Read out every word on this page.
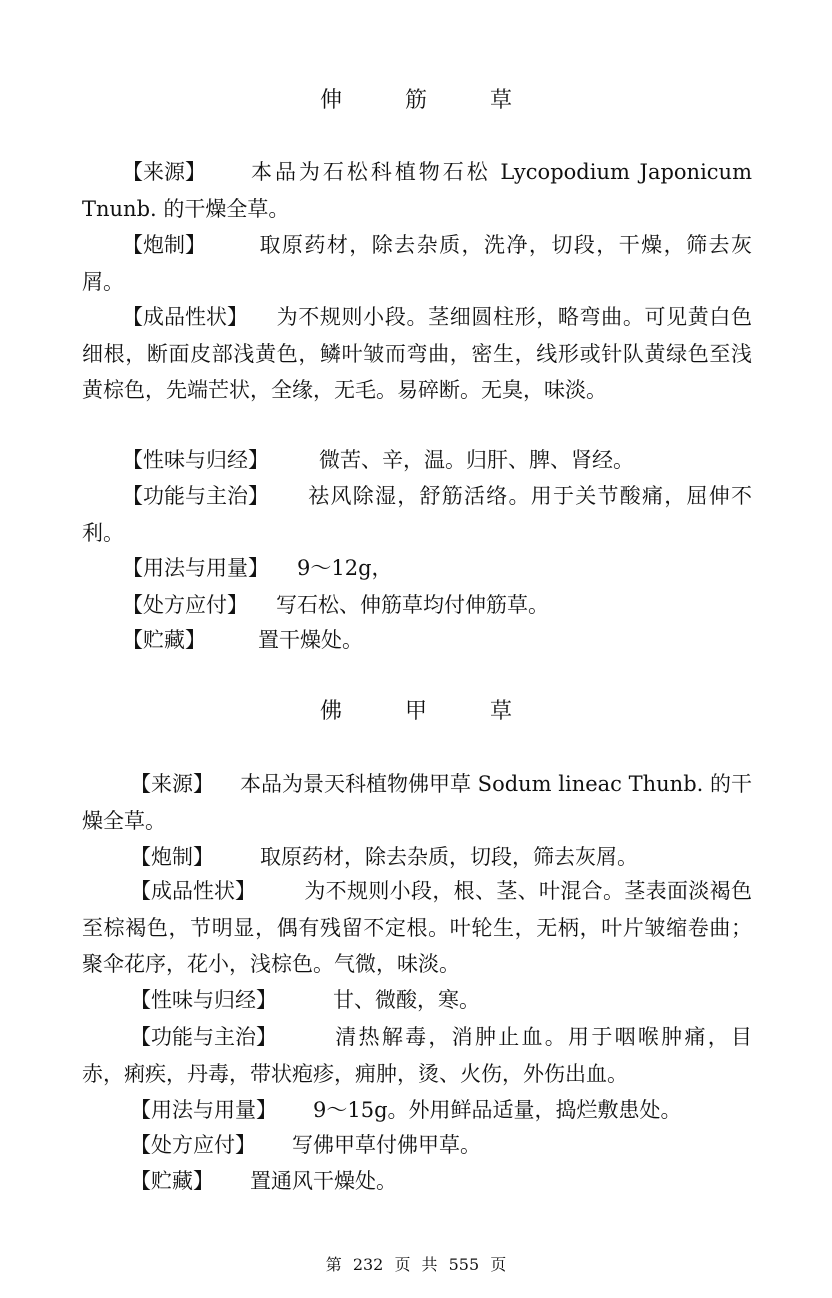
伸 筋 草
【来源】 本品为石松科植物石松 Lycopodium Japonicum Tnunb. 的干燥全草。
【炮制】 取原药材，除去杂质，洗净，切段，干燥，筛去灰屑。
【成品性状】 为不规则小段。茎细圆柱形，略弯曲。可见黄白色细根，断面皮部浅黄色，鳞叶皱而弯曲，密生，线形或针队黄绿色至浅黄棕色，先端芒状，全缘，无毛。易碎断。无臭，味淡。
【性味与归经】 微苦、辛，温。归肝、脾、肾经。
【功能与主治】 祛风除湿，舒筋活络。用于关节酸痛，屈伸不利。
【用法与用量】 9～12g，
【处方应付】 写石松、伸筋草均付伸筋草。
【贮藏】 置干燥处。
佛 甲 草
【来源】 本品为景天科植物佛甲草 Sodum lineac Thunb. 的干燥全草。
【炮制】 取原药材，除去杂质，切段，筛去灰屑。
【成品性状】 为不规则小段，根、茎、叶混合。茎表面淡褐色至棕褐色，节明显，偶有残留不定根。叶轮生，无柄，叶片皱缩卷曲；聚伞花序，花小，浅棕色。气微，味淡。
【性味与归经】	甘、微酸，寒。
【功能与主治】	清热解毒，消肿止血。用于咽喉肿痛，目赤，痢疾，丹毒，带状疱疹，痈肿，烫、火伤，外伤出血。
【用法与用量】 9～15g。外用鲜品适量，捣烂敷患处。
【处方应付】 写佛甲草付佛甲草。
【贮藏】 置通风干燥处。
第 232 页 共 555 页
